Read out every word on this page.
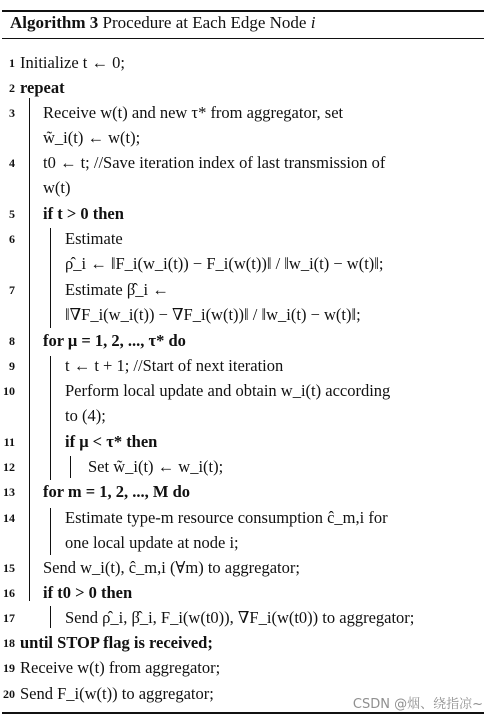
Algorithm 3 Procedure at Each Edge Node i
1
2
3
4
5
6
7
8
9
10
11
12
13
14
15
16
17
18
19
20
Initialize t ← 0;
repeat
Receive w(t) and new τ* from aggregator, set
w̃_i(t) ← w(t);
t0 ← t; //Save iteration index of last transmission of
w(t)
if t > 0 then
Estimate
ρ̂_i ← ‖F_i(w_i(t)) − F_i(w(t))‖ / ‖w_i(t) − w(t)‖;
Estimate β̂_i ←
‖∇F_i(w_i(t)) − ∇F_i(w(t))‖ / ‖w_i(t) − w(t)‖;
for μ = 1, 2, ..., τ* do
t ← t + 1; //Start of next iteration
Perform local update and obtain w_i(t) according
to (4);
if μ < τ* then
Set w̃_i(t) ← w_i(t);
for m = 1, 2, ..., M do
Estimate type-m resource consumption ĉ_m,i for
one local update at node i;
Send w_i(t), ĉ_m,i (∀m) to aggregator;
if t0 > 0 then
Send ρ̂_i, β̂_i, F_i(w(t0)), ∇F_i(w(t0)) to aggregator;
until STOP flag is received;
Receive w(t) from aggregator;
Send F_i(w(t)) to aggregator;
CSDN @烟、绕指凉~
